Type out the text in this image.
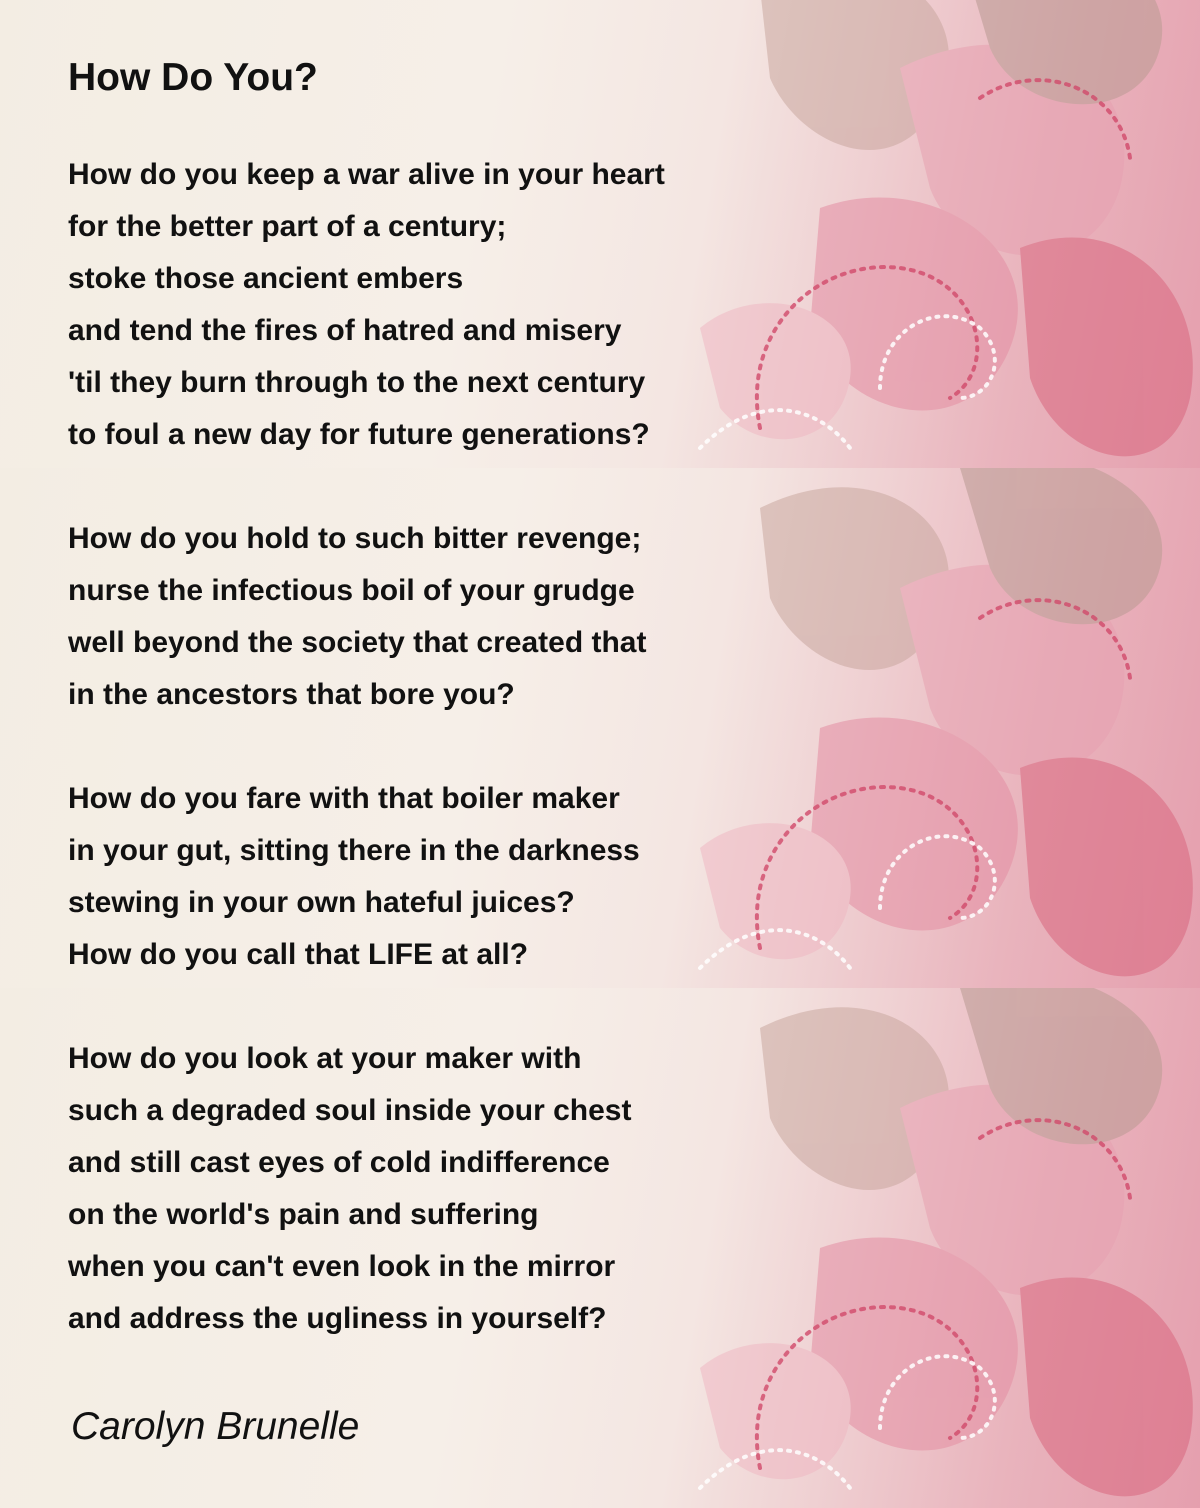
How Do You?
How do you keep a war alive in your heart
for the better part of a century;
stoke those ancient embers
and tend the fires of hatred and misery
'til they burn through to the next century
to foul a new day for future generations?
How do you hold to such bitter revenge;
nurse the infectious boil of your grudge
well beyond the society that created that
in the ancestors that bore you?
How do you fare with that boiler maker
in your gut, sitting there in the darkness
stewing in your own hateful juices?
How do you call that LIFE at all?
How do you look at your maker with
such a degraded soul inside your chest
and still cast eyes of cold indifference
on the world's pain and suffering
when you can't even look in the mirror
and address the ugliness in yourself?
Carolyn Brunelle
